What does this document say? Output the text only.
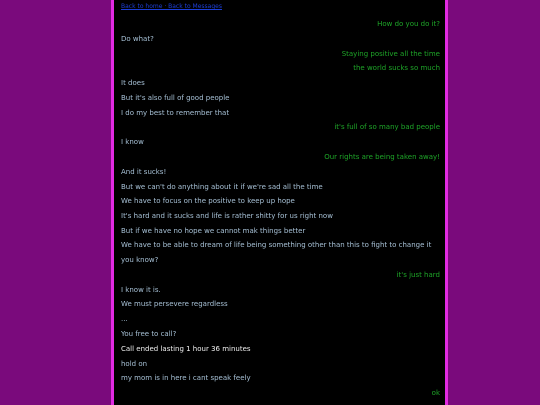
Back to home · Back to Messages
How do you do it?
Do what?
Staying positive all the time
the world sucks so much
It does
But it's also full of good people
I do my best to remember that
it's full of so many bad people
I know
Our rights are being taken away!
And it sucks!
But we can't do anything about it if we're sad all the time
We have to focus on the positive to keep up hope
It's hard and it sucks and life is rather shitty for us right now
But if we have no hope we cannot mak things better
We have to be able to dream of life being something other than this to fight to change it
you know?
it's just hard
I know it is.
We must persevere regardless
...
You free to call?
Call ended lasting 1 hour 36 minutes
hold on
my mom is in here i cant speak feely
ok
